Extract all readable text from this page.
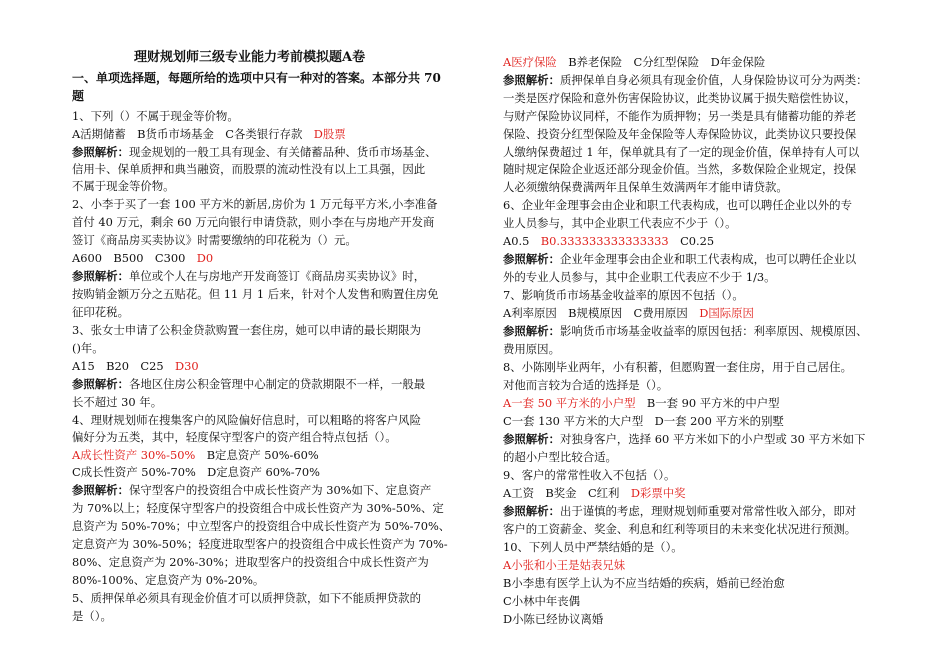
理财规划师三级专业能力考前模拟题A卷
一、单项选择题，每题所给的选项中只有一种对的答案。本部分共 70
题
1、下列（）不属于现金等价物。
A活期储蓄　B货币市场基金　C各类银行存款　D股票
参照解析：现金规划的一般工具有现金、有关储蓄品种、货币市场基金、
信用卡、保单质押和典当融资，而股票的流动性没有以上工具强，因此
不属于现金等价物。
2、小李于买了一套 100 平方米的新居,房价为 1 万元每平方米,小李准备
首付 40 万元，剩余 60 万元向银行申请贷款，则小李在与房地产开发商
签订《商品房买卖协议》时需要缴纳的印花税为（）元。
A600　B500　C300　D0
参照解析：单位或个人在与房地产开发商签订《商品房买卖协议》时，
按购销金额万分之五贴花。但 11 月 1 后来，针对个人发售和购置住房免
征印花税。
3、张女士申请了公积金贷款购置一套住房，她可以申请的最长期限为
()年。
A15　B20　C25　D30
参照解析：各地区住房公积金管理中心制定的贷款期限不一样，一般最
长不超过 30 年。
4、理财规划师在搜集客户的风险偏好信息时，可以粗略的将客户风险
偏好分为五类，其中，轻度保守型客户的资产组合特点包括（）。
A成长性资产 30%-50%　B定息资产 50%-60%
C成长性资产 50%-70%　D定息资产 60%-70%
参照解析：保守型客户的投资组合中成长性资产为 30%如下、定息资产
为 70%以上；轻度保守型客户的投资组合中成长性资产为 30%-50%、定
息资产为 50%-70%；中立型客户的投资组合中成长性资产为 50%-70%、
定息资产为 30%-50%；轻度进取型客户的投资组合中成长性资产为 70%-
80%、定息资产为 20%-30%；进取型客户的投资组合中成长性资产为
80%-100%、定息资产为 0%-20%。
5、质押保单必须具有现金价值才可以质押贷款，如下不能质押贷款的
是（）。
A医疗保险　B养老保险　C分红型保险　D年金保险
参照解析：质押保单自身必须具有现金价值，人身保险协议可分为两类：
一类是医疗保险和意外伤害保险协议，此类协议属于损失赔偿性协议，
与财产保险协议同样，不能作为质押物；另一类是具有储蓄功能的养老
保险、投资分红型保险及年金保险等人寿保险协议，此类协议只要投保
人缴纳保费超过 1 年，保单就具有了一定的现金价值，保单持有人可以
随时规定保险企业返还部分现金价值。当然，多数保险企业规定，投保
人必须缴纳保费满两年且保单生效满两年才能申请贷款。
6、企业年金理事会由企业和职工代表构成，也可以聘任企业以外的专
业人员参与，其中企业职工代表应不少于（）。
A0.5　B0.333333333333333　C0.25
参照解析：企业年金理事会由企业和职工代表构成，也可以聘任企业以
外的专业人员参与，其中企业职工代表应不少于 1/3。
7、影响货币市场基金收益率的原因不包括（）。
A利率原因　B规模原因　C费用原因　D国际原因
参照解析：影响货币市场基金收益率的原因包括：利率原因、规模原因、
费用原因。
8、小陈刚毕业两年，小有积蓄，但愿购置一套住房，用于自己居住。
对他而言较为合适的选择是（）。
A一套 50 平方米的小户型　B一套 90 平方米的中户型
C一套 130 平方米的大户型　D一套 200 平方米的别墅
参照解析：对独身客户，选择 60 平方米如下的小户型或 30 平方米如下
的超小户型比较合适。
9、客户的常常性收入不包括（）。
A工资　B奖金　C红利　D彩票中奖
参照解析：出于谨慎的考虑，理财规划师重要对常常性收入部分，即对
客户的工资薪金、奖金、利息和红利等项目的未来变化状况进行预测。
10、下列人员中严禁结婚的是（）。
A小张和小王是姑表兄妹
B小李患有医学上认为不应当结婚的疾病，婚前已经治愈
C小林中年丧偶
D小陈已经协议离婚
